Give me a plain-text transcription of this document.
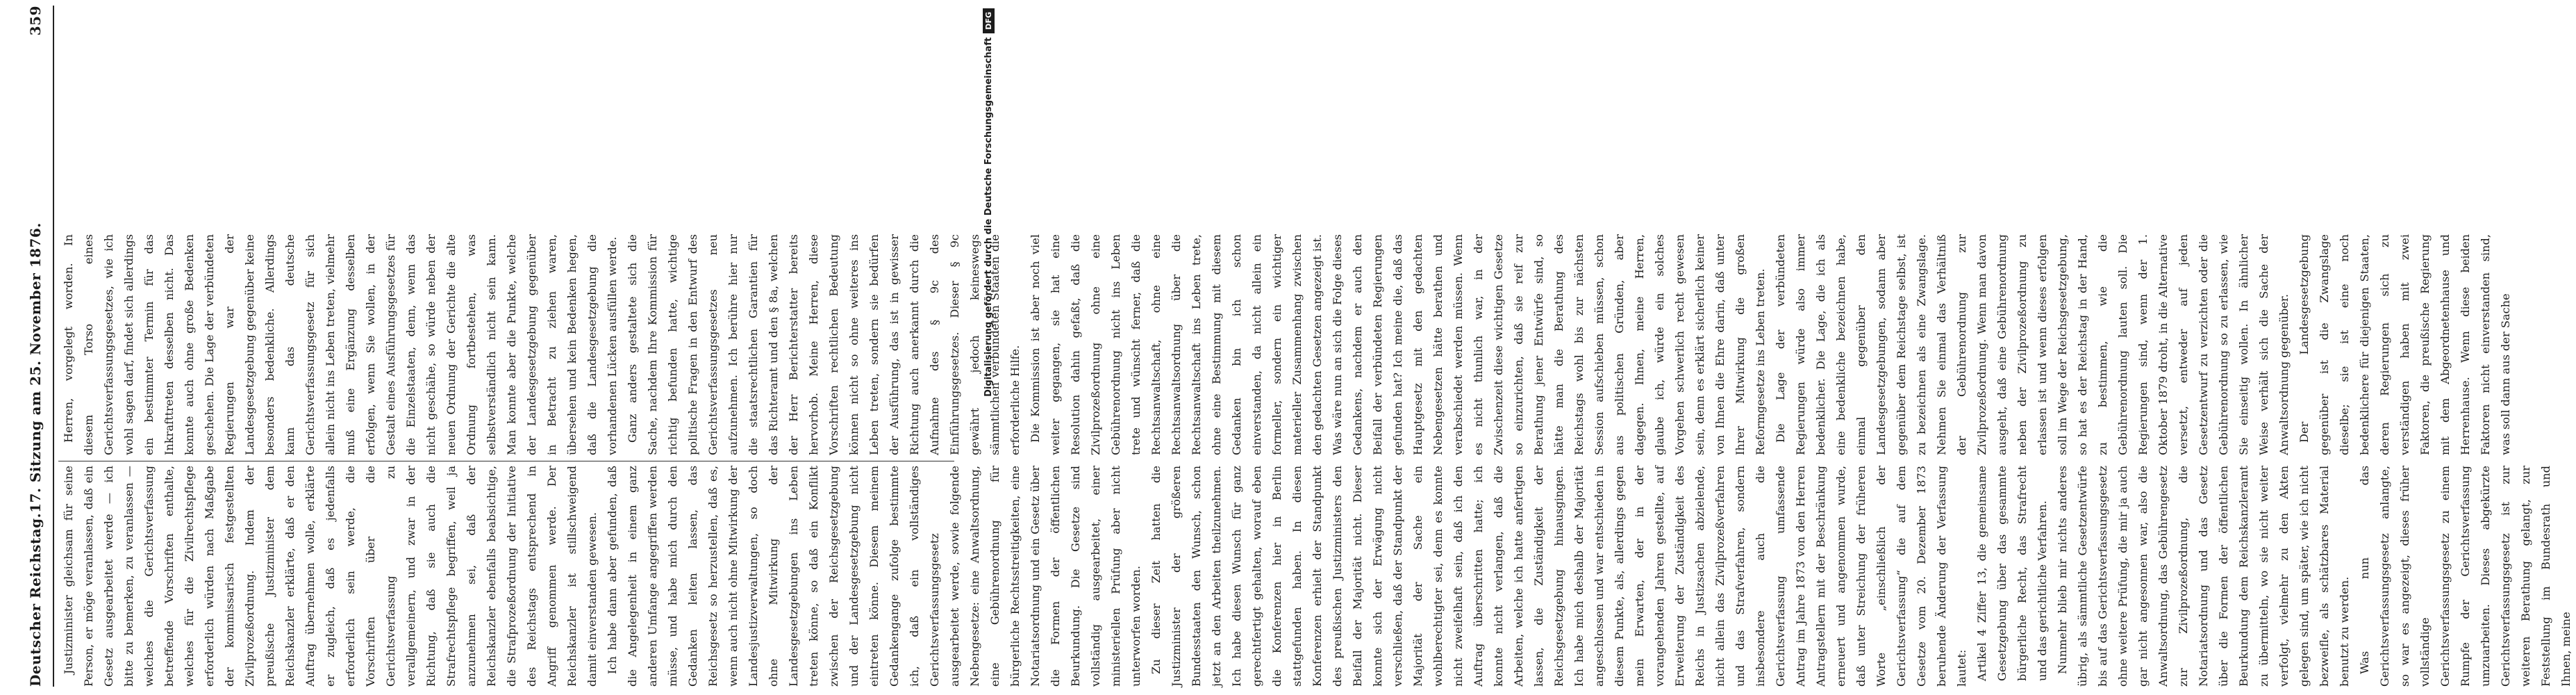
Deutscher Reichstag.
17. Sitzung am 25. November 1876.
359

Justizminister gleichsam für seine Person, er möge veranlassen, daß ein Gesetz ausgearbeitet werde — ich bitte zu bemerken, zu veranlassen — welches die Gerichtsverfassung betreffende Vorschriften enthalte, welches für die Zivilrechtspflege erforderlich würden nach Maßgabe der kommissarisch festgestellten Zivilprozeßordnung. Indem der preußische Justizminister dem Reichskanzler erklärte, daß er den Auftrag übernehmen wolle, erklärte er zugleich, daß es jedenfalls erforderlich sein werde, die Vorschriften über die Gerichtsverfassung zu verallgemeinern, und zwar in der Richtung, daß sie auch die Strafrechtspflege begriffen, weil ja anzunehmen sei, daß der Reichskanzler ebenfalls beabsichtige, die Strafprozeßordnung der Initiative des Reichstags entsprechend in Angriff genommen werde. Der Reichskanzler ist stillschweigend damit einverstanden gewesen. Ich habe dann aber gefunden, daß die Angelegenheit in einem ganz anderen Umfange angegriffen werden müsse, und habe mich durch den Gedanken leiten lassen, das Reichsgesetz so herzustellen, daß es, wenn auch nicht ohne Mitwirkung der Landesjustizverwaltungen, so doch ohne Mitwirkung der Landesgesetzgebungen ins Leben treten könne, so daß ein Konflikt zwischen der Reichsgesetzgebung und der Landesgesetzgebung nicht eintreten könne. Diesem meinem Gedankengange zufolge bestimmte ich, daß ein vollständiges Gerichtsverfassungsgesetz ausgearbeitet werde, sowie folgende Nebengesetze: eine Anwaltsordnung, eine Gebührenordnung für bürgerliche Rechtsstreitigkeiten, eine Notariatsordnung und ein Gesetz über die Formen der öffentlichen Beurkundung. Die Gesetze sind vollständig ausgearbeitet, einer ministeriellen Prüfung aber nicht unterworfen worden. Zu dieser Zeit hatten die Justizminister der größeren Bundesstaaten den Wunsch, schon jetzt an den Arbeiten theilzunehmen. Ich habe diesen Wunsch für ganz gerechtfertigt gehalten, worauf eben die Konferenzen hier in Berlin stattgefunden haben. In diesen Konferenzen erhielt der Standpunkt des preußischen Justizministers den Beifall der Majorität nicht. Dieser konnte sich der Erwägung nicht verschließen, daß der Standpunkt der Majorität der Sache ein wohlberechtigter sei, denn es konnte nicht zweifelhaft sein, daß ich den Auftrag überschritten hatte; ich konnte nicht verlangen, daß die Arbeiten, welche ich hatte anfertigen lassen, die Zuständigkeit der Reichsgesetzgebung hinausgingen. Ich habe mich deshalb der Majorität angeschlossen und war entschieden in diesem Punkte, als, allerdings gegen mein Erwarten, der in der vorangehenden Jahren gestellte, auf Erweiterung der Zuständigkeit des Reichs in Justizsachen abzielende, nicht allein das Zivilprozeßverfahren und das Strafverfahren, sondern insbesondere auch die Gerichtsverfassung umfassende Antrag im Jahre 1873 von den Herren Antragstellern mit der Beschränkung erneuert und angenommen wurde, daß unter Streichung der früheren Worte „einschließlich der Gerichtsverfassung“ die auf dem Gesetze vom 20. Dezember 1873 beruhende Änderung der Verfassung lautet: Artikel 4 Ziffer 13, die gemeinsame Gesetzgebung über das gesammte bürgerliche Recht, das Strafrecht und das gerichtliche Verfahren. Nunmehr blieb mir nichts anderes übrig, als sämmtliche Gesetzentwürfe bis auf das Gerichtsverfassungsgesetz ohne weitere Prüfung, die mir ja auch gar nicht angesonnen war, also die Anwaltsordnung, das Gebührengesetz zur Zivilprozeßordnung, die Notariatsordnung und das Gesetz über die Formen der öffentlichen Beurkundung dem Reichskanzleramt zu übermitteln, wo sie nicht weiter verfolgt, vielmehr zu den Akten gelegen sind, um später, wie ich nicht bezweifle, als schätzbares Material benutzt zu werden. Was nun das Gerichtsverfassungsgesetz anlangte, so war es angezeigt, dieses früher vollständige Gerichtsverfassungsgesetz zu einem Rumpfe der Gerichtsverfassung umzuarbeiten. Dieses abgekürzte Gerichtsverfassungsgesetz ist zur weiteren Berathung gelangt, zur Feststellung im Bundesrath und Ihnen, meine

Herren, vorgelegt worden. In diesem Torso eines Gerichtsverfassungsgesetzes, wie ich wohl sagen darf, findet sich allerdings ein bestimmter Termin für das Inkrafttreten desselben nicht. Das konnte auch ohne große Bedenken geschehen. Die Lage der verbündeten Regierungen war der Landesgesetzgebung gegenüber keine besonders bedenkliche. Allerdings kann das deutsche Gerichtsverfassungsgesetz für sich allein nicht ins Leben treten, vielmehr muß eine Ergänzung desselben erfolgen, wenn Sie wollen, in der Gestalt eines Ausführungsgesetzes für die Einzelstaaten, denn, wenn das nicht geschähe, so würde neben der neuen Ordnung der Gerichte die alte Ordnung fortbestehen, was selbstverständlich nicht sein kann. Man konnte aber die Punkte, welche der Landesgesetzgebung gegenüber in Betracht zu ziehen waren, übersehen und kein Bedenken hegen, daß die Landesgesetzgebung die vorhandenen Lücken ausfüllen werde. Ganz anders gestaltete sich die Sache, nachdem Ihre Kommission für richtig befunden hatte, wichtige politische Fragen in den Entwurf des Gerichtsverfassungsgesetzes neu aufzunehmen. Ich berühre hier nur die staatsrechtlichen Garantien für das Richteramt und den § 8a, welchen der Herr Berichterstatter bereits hervorhob. Meine Herren, diese Vorschriften rechtlichen Bedeutung können nicht so ohne weiteres ins Leben treten, sondern sie bedürfen der Ausführung, das ist in gewisser Richtung auch anerkannt durch die Aufnahme des § 9c des Einführungsgesetzes. Dieser § 9c gewährt jedoch keineswegs sämmtlichen verbündeten Staaten die erforderliche Hilfe. Die Kommission ist aber noch viel weiter gegangen, sie hat eine Resolution dahin gefaßt, daß die Zivilprozeßordnung ohne eine Gebührenordnung nicht ins Leben trete und wünscht ferner, daß die Rechtsanwaltschaft, ohne eine Rechtsanwaltsordnung über die Rechtsanwaltschaft ins Leben trete, ohne eine Bestimmung mit diesem Gedanken bin ich schon einverstanden, da nicht allein ein formeller, sondern ein wichtiger materieller Zusammenhang zwischen den gedachten Gesetzen angezeigt ist. Was wäre nun an sich die Folge dieses Gedankens, nachdem er auch den Beifall der verbündeten Regierungen gefunden hat? Ich meine die, daß das Hauptgesetz mit den gedachten Nebengesetzen hätte berathen und verabschiedet werden müssen. Wenn es nicht thunlich war, in der Zwischenzeit diese wichtigen Gesetze so einzurichten, daß sie reif zur Berathung jener Entwürfe sind, so hätte man die Berathung des Reichstags wohl bis zur nächsten Session aufschieben müssen, schon aus politischen Gründen, aber dagegen. Ihnen, meine Herren, glaube ich, würde ein solches Vorgehen schwerlich recht gewesen sein, denn es erklärt sicherlich keiner von Ihnen die Ehre darin, daß unter Ihrer Mitwirkung die großen Reformgesetze ins Leben treten. Die Lage der verbündeten Regierungen würde also immer bedenklicher. Die Lage, die ich als eine bedenkliche bezeichnen habe, einmal gegenüber den Landesgesetzgebungen, sodann aber gegenüber dem Reichstage selbst, ist zu bezeichnen als eine Zwangslage. Nehmen Sie einmal das Verhältniß der Gebührenordnung zur Zivilprozeßordnung. Wenn man davon ausgeht, daß eine Gebührenordnung neben der Zivilprozeßordnung zu erlassen ist und wenn dieses erfolgen soll im Wege der Reichsgesetzgebung, so hat es der Reichstag in der Hand, zu bestimmen, wie die Gebührenordnung lauten soll. Die Regierungen sind, wenn der 1. Oktober 1879 droht, in die Alternative versetzt, entweder auf jeden Gesetzentwurf zu verzichten oder die Gebührenordnung so zu erlassen, wie Sie einseitig wollen. In ähnlicher Weise verhält sich die Sache der Anwaltsordnung gegenüber. Der Landesgesetzgebung gegenüber ist die Zwangslage dieselbe; sie ist eine noch bedenklichere für diejenigen Staaten, deren Regierungen sich zu verständigen haben mit zwei Faktoren, die preußische Regierung mit dem Abgeordnetenhause und Herrenhause. Wenn diese beiden Faktoren nicht einverstanden sind, was soll dann aus der Sache

Digitalisierung gefördert durch die Deutsche Forschungsgemeinschaft
DFG
